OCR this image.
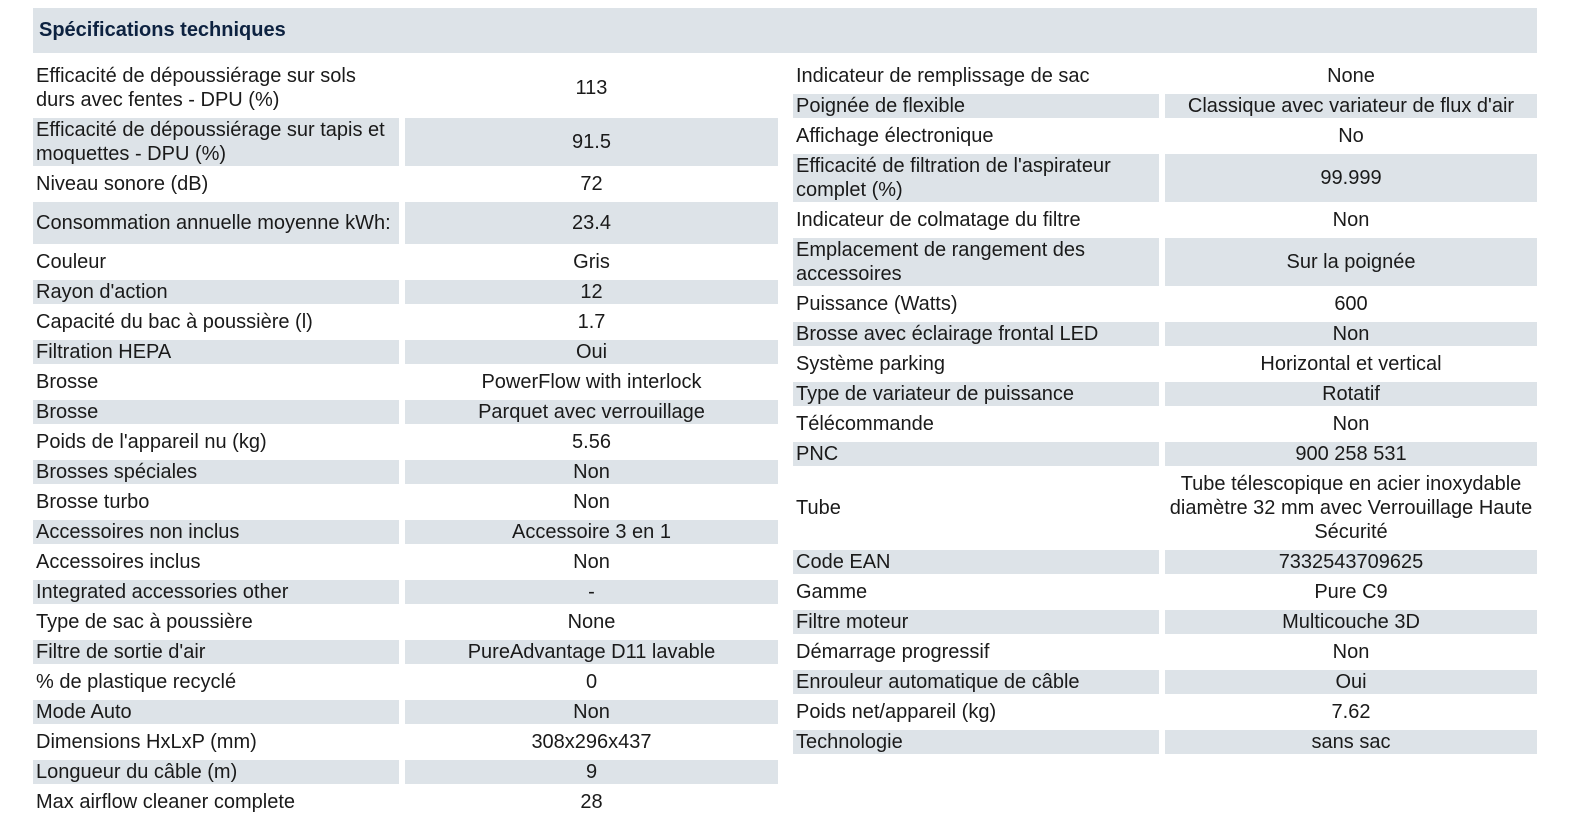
Spécifications techniques
Efficacité de dépoussiérage sur sols durs avec fentes - DPU (%)	113
Efficacité de dépoussiérage sur tapis et moquettes - DPU (%)	91.5
Niveau sonore (dB)	72
Consommation annuelle moyenne kWh:	23.4
Couleur	Gris
Rayon d'action	12
Capacité du bac à poussière (l)	1.7
Filtration HEPA	Oui
Brosse	PowerFlow with interlock
Brosse	Parquet avec verrouillage
Poids de l'appareil nu (kg)	5.56
Brosses spéciales	Non
Brosse turbo	Non
Accessoires non inclus	Accessoire 3 en 1
Accessoires inclus	Non
Integrated accessories other	-
Type de sac à poussière	None
Filtre de sortie d'air	PureAdvantage D11 lavable
% de plastique recyclé	0
Mode Auto	Non
Dimensions HxLxP (mm)	308x296x437
Longueur du câble (m)	9
Max airflow cleaner complete	28
Indicateur de remplissage de sac	None
Poignée de flexible	Classique avec variateur de flux d'air
Affichage électronique	No
Efficacité de filtration de l'aspirateur complet (%)	99.999
Indicateur de colmatage du filtre	Non
Emplacement de rangement des accessoires	Sur la poignée
Puissance (Watts)	600
Brosse avec éclairage frontal LED	Non
Système parking	Horizontal et vertical
Type de variateur de puissance	Rotatif
Télécommande	Non
PNC	900 258 531
Tube	Tube télescopique en acier inoxydable diamètre 32 mm avec Verrouillage Haute Sécurité
Code EAN	7332543709625
Gamme	Pure C9
Filtre moteur	Multicouche 3D
Démarrage progressif	Non
Enrouleur automatique de câble	Oui
Poids net/appareil (kg)	7.62
Technologie	sans sac
